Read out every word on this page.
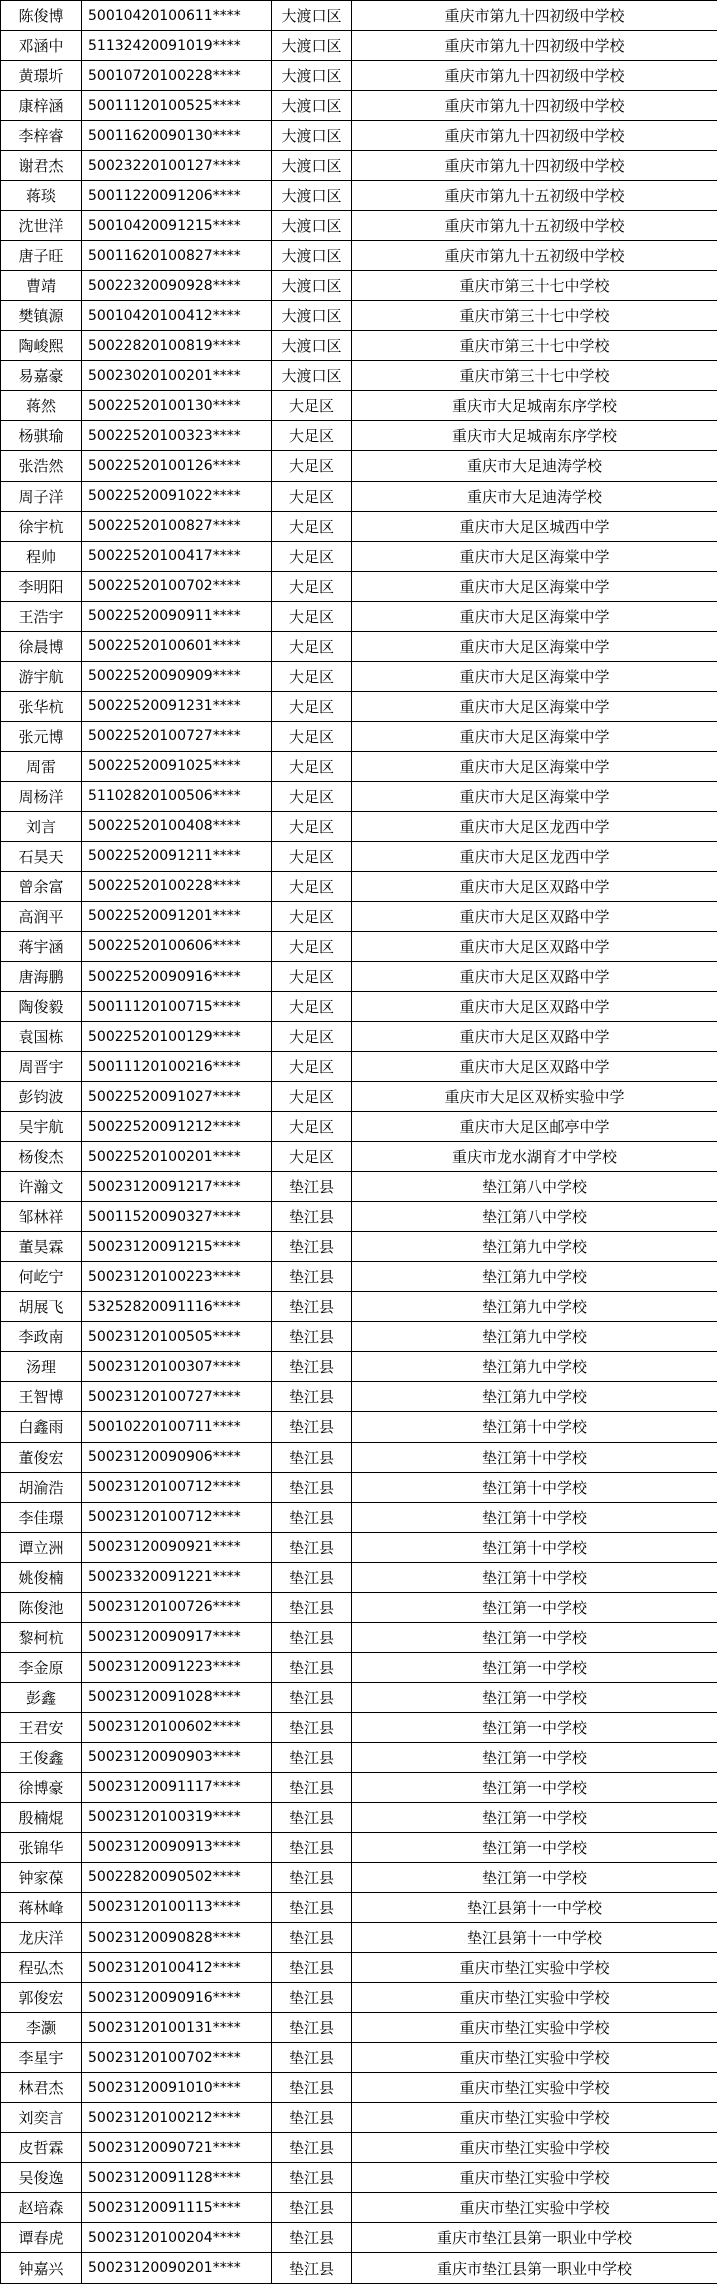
陈俊博	50010420100611****	大渡口区	重庆市第九十四初级中学校
邓涵中	51132420091019****	大渡口区	重庆市第九十四初级中学校
黄璟圻	50010720100228****	大渡口区	重庆市第九十四初级中学校
康梓涵	50011120100525****	大渡口区	重庆市第九十四初级中学校
李梓睿	50011620090130****	大渡口区	重庆市第九十四初级中学校
谢君杰	50023220100127****	大渡口区	重庆市第九十四初级中学校
蒋琰	50011220091206****	大渡口区	重庆市第九十五初级中学校
沈世洋	50010420091215****	大渡口区	重庆市第九十五初级中学校
唐子旺	50011620100827****	大渡口区	重庆市第九十五初级中学校
曹靖	50022320090928****	大渡口区	重庆市第三十七中学校
樊镇源	50010420100412****	大渡口区	重庆市第三十七中学校
陶峻熙	50022820100819****	大渡口区	重庆市第三十七中学校
易嘉豪	50023020100201****	大渡口区	重庆市第三十七中学校
蒋然	50022520100130****	大足区	重庆市大足城南东序学校
杨骐瑜	50022520100323****	大足区	重庆市大足城南东序学校
张浩然	50022520100126****	大足区	重庆市大足迪涛学校
周子洋	50022520091022****	大足区	重庆市大足迪涛学校
徐宇杭	50022520100827****	大足区	重庆市大足区城西中学
程帅	50022520100417****	大足区	重庆市大足区海棠中学
李明阳	50022520100702****	大足区	重庆市大足区海棠中学
王浩宇	50022520090911****	大足区	重庆市大足区海棠中学
徐晨博	50022520100601****	大足区	重庆市大足区海棠中学
游宇航	50022520090909****	大足区	重庆市大足区海棠中学
张华杭	50022520091231****	大足区	重庆市大足区海棠中学
张元博	50022520100727****	大足区	重庆市大足区海棠中学
周雷	50022520091025****	大足区	重庆市大足区海棠中学
周杨洋	51102820100506****	大足区	重庆市大足区海棠中学
刘言	50022520100408****	大足区	重庆市大足区龙西中学
石昊天	50022520091211****	大足区	重庆市大足区龙西中学
曾余富	50022520100228****	大足区	重庆市大足区双路中学
高润平	50022520091201****	大足区	重庆市大足区双路中学
蒋宇涵	50022520100606****	大足区	重庆市大足区双路中学
唐海鹏	50022520090916****	大足区	重庆市大足区双路中学
陶俊毅	50011120100715****	大足区	重庆市大足区双路中学
袁国栋	50022520100129****	大足区	重庆市大足区双路中学
周晋宇	50011120100216****	大足区	重庆市大足区双路中学
彭钧波	50022520091027****	大足区	重庆市大足区双桥实验中学
吴宇航	50022520091212****	大足区	重庆市大足区邮亭中学
杨俊杰	50022520100201****	大足区	重庆市龙水湖育才中学校
许瀚文	50023120091217****	垫江县	垫江第八中学校
邹林祥	50011520090327****	垫江县	垫江第八中学校
董昊霖	50023120091215****	垫江县	垫江第九中学校
何屹宁	50023120100223****	垫江县	垫江第九中学校
胡展飞	53252820091116****	垫江县	垫江第九中学校
李政南	50023120100505****	垫江县	垫江第九中学校
汤理	50023120100307****	垫江县	垫江第九中学校
王智博	50023120100727****	垫江县	垫江第九中学校
白鑫雨	50010220100711****	垫江县	垫江第十中学校
董俊宏	50023120090906****	垫江县	垫江第十中学校
胡渝浩	50023120100712****	垫江县	垫江第十中学校
李佳璟	50023120100712****	垫江县	垫江第十中学校
谭立洲	50023120090921****	垫江县	垫江第十中学校
姚俊楠	50023320091221****	垫江县	垫江第十中学校
陈俊池	50023120100726****	垫江县	垫江第一中学校
黎柯杭	50023120090917****	垫江县	垫江第一中学校
李金原	50023120091223****	垫江县	垫江第一中学校
彭鑫	50023120091028****	垫江县	垫江第一中学校
王君安	50023120100602****	垫江县	垫江第一中学校
王俊鑫	50023120090903****	垫江县	垫江第一中学校
徐博豪	50023120091117****	垫江县	垫江第一中学校
殷楠焜	50023120100319****	垫江县	垫江第一中学校
张锦华	50023120090913****	垫江县	垫江第一中学校
钟家葆	50022820090502****	垫江县	垫江第一中学校
蒋林峰	50023120100113****	垫江县	垫江县第十一中学校
龙庆洋	50023120090828****	垫江县	垫江县第十一中学校
程弘杰	50023120100412****	垫江县	重庆市垫江实验中学校
郭俊宏	50023120090916****	垫江县	重庆市垫江实验中学校
李灏	50023120100131****	垫江县	重庆市垫江实验中学校
李星宇	50023120100702****	垫江县	重庆市垫江实验中学校
林君杰	50023120091010****	垫江县	重庆市垫江实验中学校
刘奕言	50023120100212****	垫江县	重庆市垫江实验中学校
皮哲霖	50023120090721****	垫江县	重庆市垫江实验中学校
吴俊逸	50023120091128****	垫江县	重庆市垫江实验中学校
赵培森	50023120091115****	垫江县	重庆市垫江实验中学校
谭春虎	50023120100204****	垫江县	重庆市垫江县第一职业中学校
钟嘉兴	50023120090201****	垫江县	重庆市垫江县第一职业中学校
